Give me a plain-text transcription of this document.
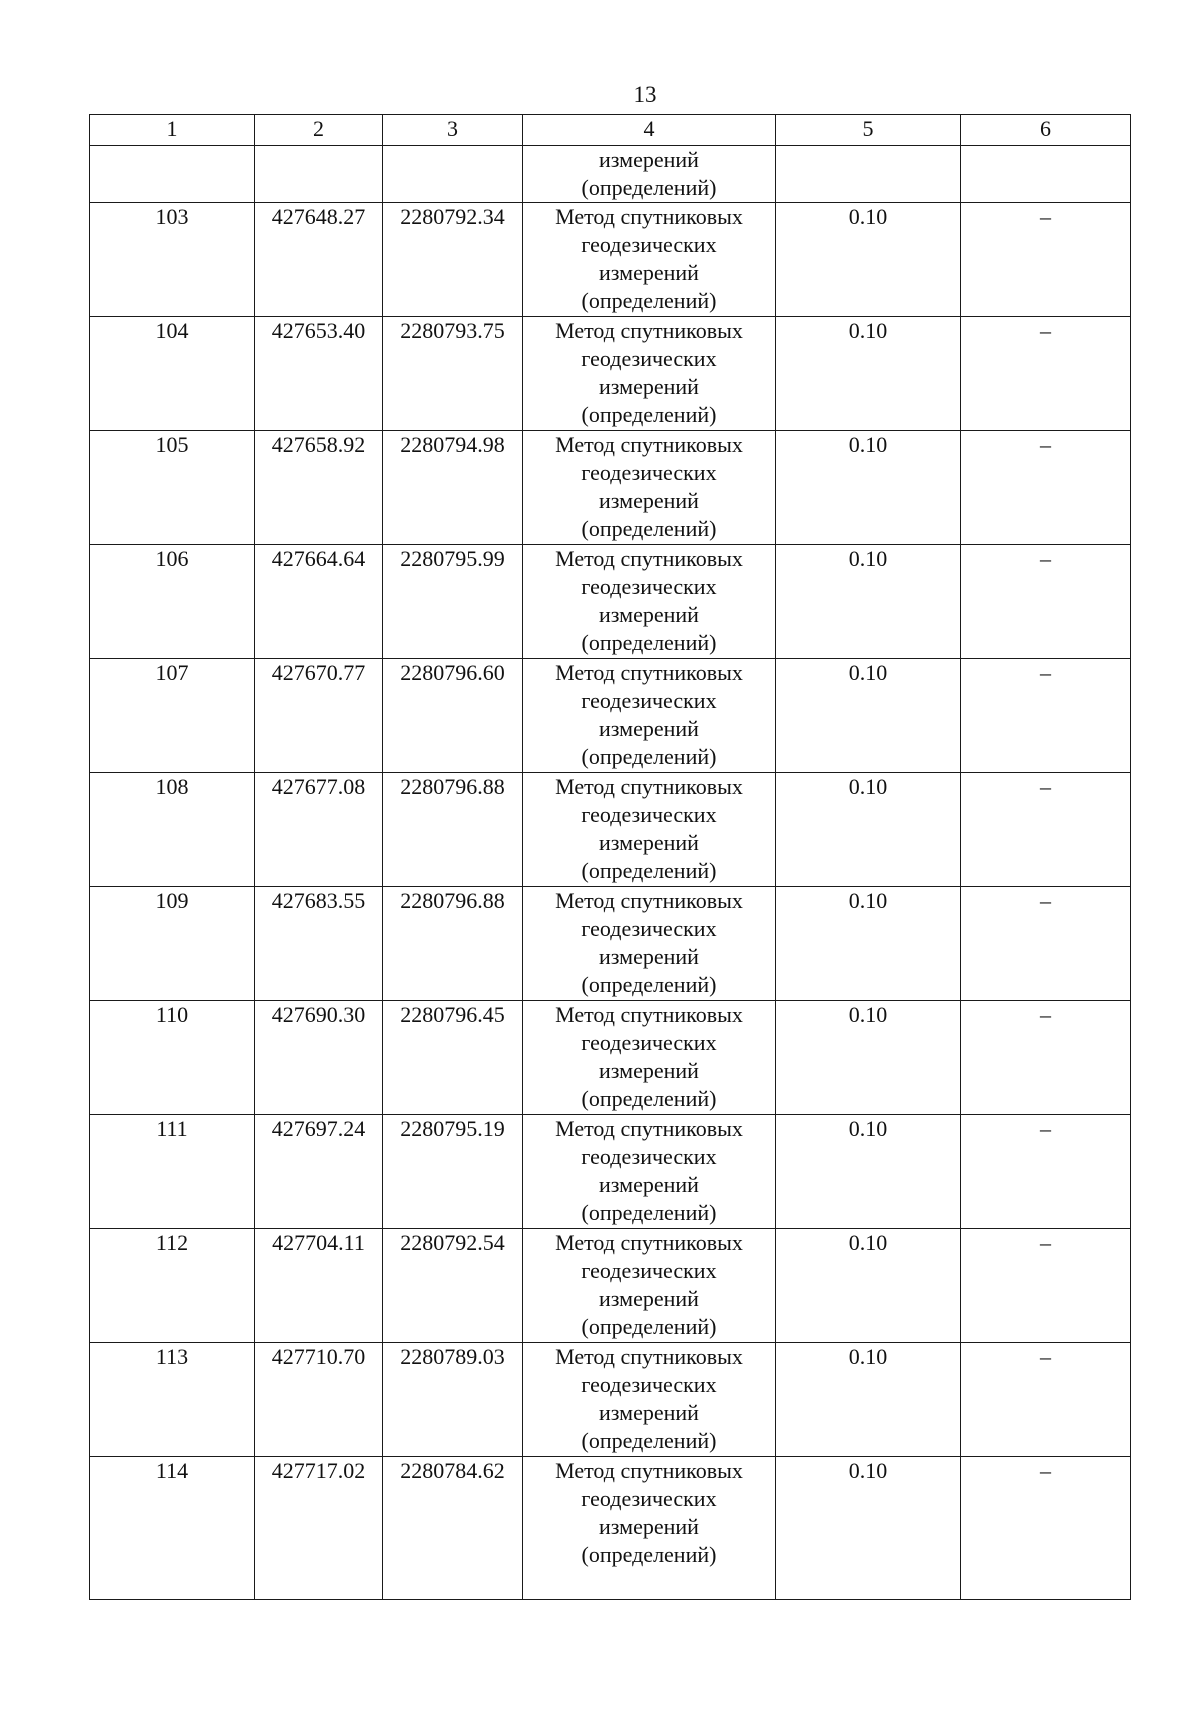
13
1	2	3	4	5	6

			измерений
(определений)		

103	427648.27	2280792.34	Метод спутниковых
геодезических
измерений
(определений)	0.10	–
104	427653.40	2280793.75	Метод спутниковых
геодезических
измерений
(определений)	0.10	–
105	427658.92	2280794.98	Метод спутниковых
геодезических
измерений
(определений)	0.10	–
106	427664.64	2280795.99	Метод спутниковых
геодезических
измерений
(определений)	0.10	–
107	427670.77	2280796.60	Метод спутниковых
геодезических
измерений
(определений)	0.10	–
108	427677.08	2280796.88	Метод спутниковых
геодезических
измерений
(определений)	0.10	–
109	427683.55	2280796.88	Метод спутниковых
геодезических
измерений
(определений)	0.10	–
110	427690.30	2280796.45	Метод спутниковых
геодезических
измерений
(определений)	0.10	–
111	427697.24	2280795.19	Метод спутниковых
геодезических
измерений
(определений)	0.10	–
112	427704.11	2280792.54	Метод спутниковых
геодезических
измерений
(определений)	0.10	–
113	427710.70	2280789.03	Метод спутниковых
геодезических
измерений
(определений)	0.10	–
114	427717.02	2280784.62	Метод спутниковых
геодезических
измерений
(определений)	0.10	–
